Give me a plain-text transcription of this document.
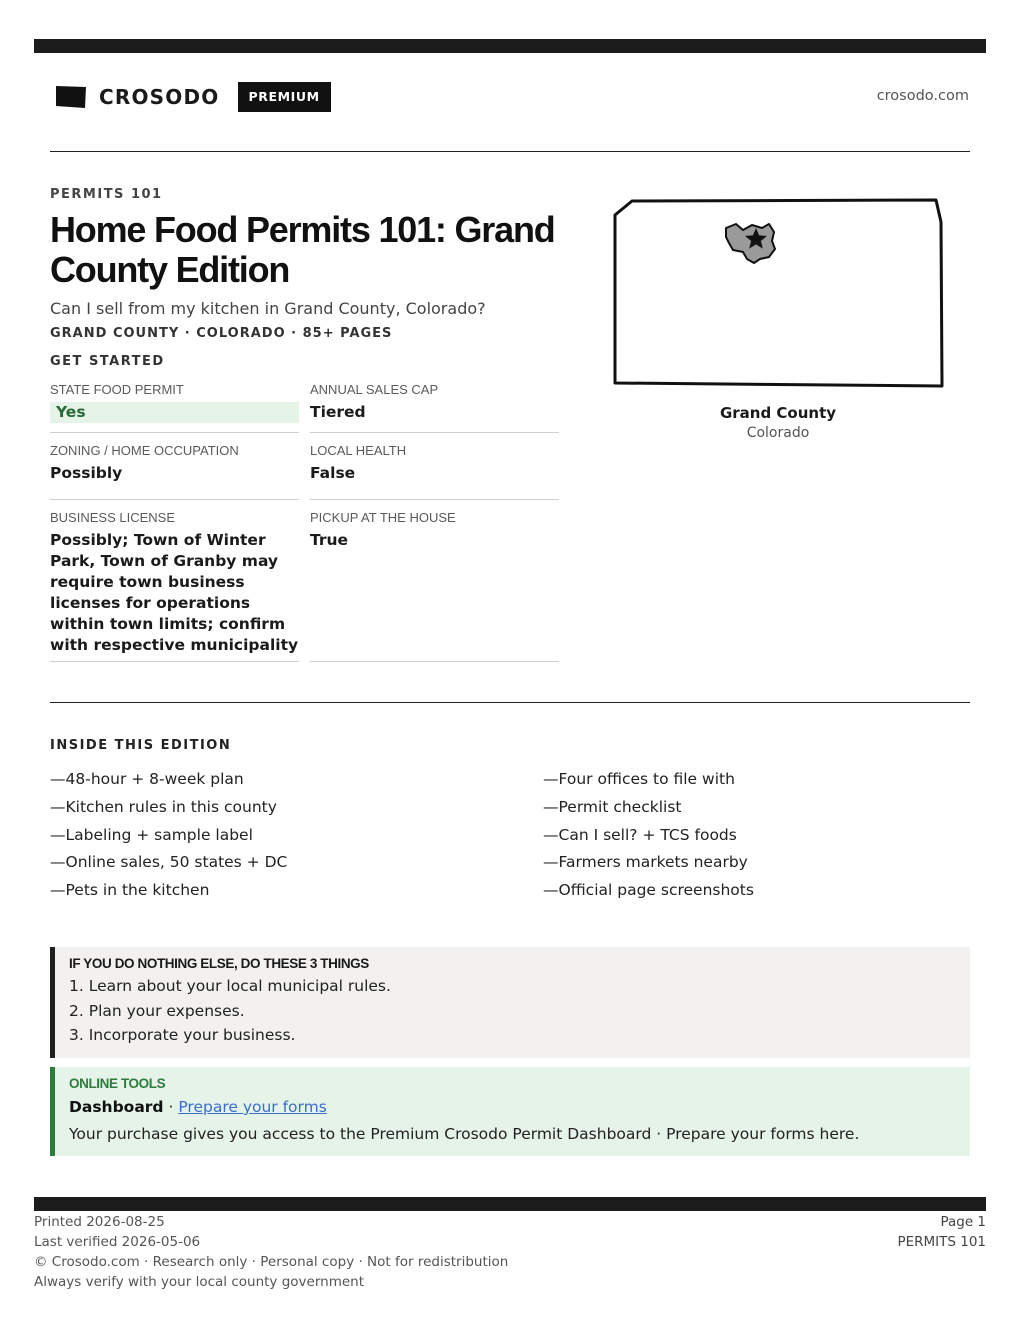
CROSODO	PREMIUM	crosodo.com
PERMITS 101
Home Food Permits 101: Grand County Edition
Can I sell from my kitchen in Grand County, Colorado?
GRAND COUNTY · COLORADO · 85+ PAGES
GET STARTED
STATE FOOD PERMIT
Yes
ANNUAL SALES CAP
Tiered
ZONING / HOME OCCUPATION
Possibly
LOCAL HEALTH
False
BUSINESS LICENSE
Possibly; Town of Winter Park, Town of Granby may require town business licenses for operations within town limits; confirm with respective municipality
PICKUP AT THE HOUSE
True
Grand County
Colorado
INSIDE THIS EDITION
—48-hour + 8-week plan
—Kitchen rules in this county
—Labeling + sample label
—Online sales, 50 states + DC
—Pets in the kitchen
—Four offices to file with
—Permit checklist
—Can I sell? + TCS foods
—Farmers markets nearby
—Official page screenshots
IF YOU DO NOTHING ELSE, DO THESE 3 THINGS
1. Learn about your local municipal rules.
2. Plan your expenses.
3. Incorporate your business.
ONLINE TOOLS
Dashboard · Prepare your forms
Your purchase gives you access to the Premium Crosodo Permit Dashboard · Prepare your forms here.
Printed 2026-08-25
Last verified 2026-05-06
© Crosodo.com · Research only · Personal copy · Not for redistribution
Always verify with your local county government
Page 1
PERMITS 101
